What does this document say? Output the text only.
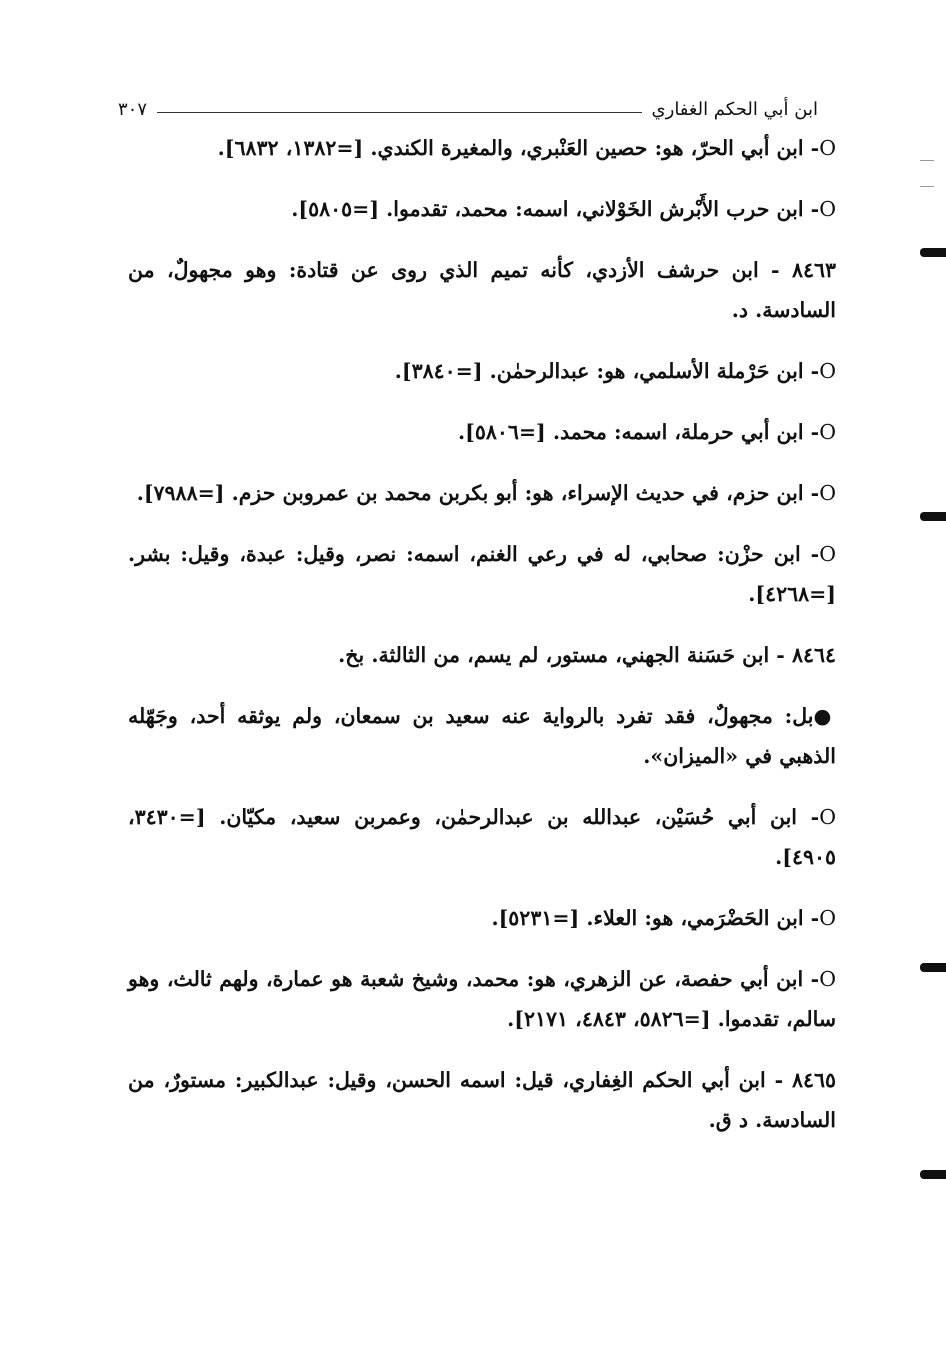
ابن أبي الحكم الغفاري
٣٠٧

O- ابن أبي الحرّ، هو: حصين العَنْبري، والمغيرة الكندي. [=١٣٨٢، ٦٨٣٢].

O- ابن حرب الأَبْرش الخَوْلاني، اسمه: محمد، تقدموا. [=٥٨٠٥].

٨٤٦٣ - ابن حرشف الأزدي، كأنه تميم الذي روى عن قتادة: وهو مجهولٌ، من السادسة. د.

O- ابن حَرْملة الأسلمي، هو: عبدالرحمٰن. [=٣٨٤٠].

O- ابن أبي حرملة، اسمه: محمد. [=٥٨٠٦].

O- ابن حزم، في حديث الإسراء، هو: أبو بكربن محمد بن عمروبن حزم. [=٧٩٨٨].

O- ابن حزْن: صحابي، له في رعي الغنم، اسمه: نصر، وقيل: عبدة، وقيل: بشر. [=٤٢٦٨].

٨٤٦٤ - ابن حَسَنة الجهني، مستور، لم يسم، من الثالثة. بخ.

●بل: مجهولٌ، فقد تفرد بالرواية عنه سعيد بن سمعان، ولم يوثقه أحد، وجَهّله الذهبي في «الميزان».

O- ابن أبي حُسَيْن، عبدالله بن عبدالرحمٰن، وعمربن سعيد، مكيّان. [=٣٤٣٠، ٤٩٠٥].

O- ابن الحَضْرَمي، هو: العلاء. [=٥٢٣١].

O- ابن أبي حفصة، عن الزهري، هو: محمد، وشيخ شعبة هو عمارة، ولهم ثالث، وهو سالم، تقدموا. [=٥٨٢٦، ٤٨٤٣، ٢١٧١].

٨٤٦٥ - ابن أبي الحكم الغِفاري، قيل: اسمه الحسن، وقيل: عبدالكبير: مستورٌ، من السادسة. د ق.
